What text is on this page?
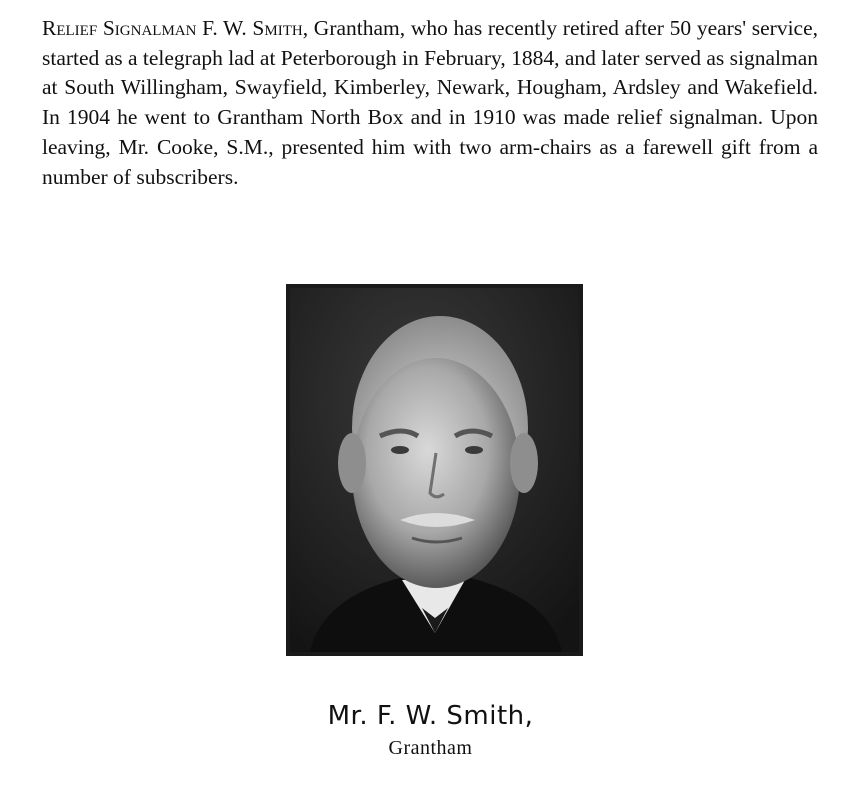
Relief Signalman F. W. Smith, Grantham, who has recently retired after 50 years' service, started as a telegraph lad at Peterborough in February, 1884, and later served as signalman at South Willingham, Swayfield, Kimberley, Newark, Hougham, Ardsley and Wakefield. In 1904 he went to Grantham North Box and in 1910 was made relief signalman. Upon leaving, Mr. Cooke, S.M., presented him with two arm-chairs as a farewell gift from a number of subscribers.

Mr. F. W. Smith,
Grantham
